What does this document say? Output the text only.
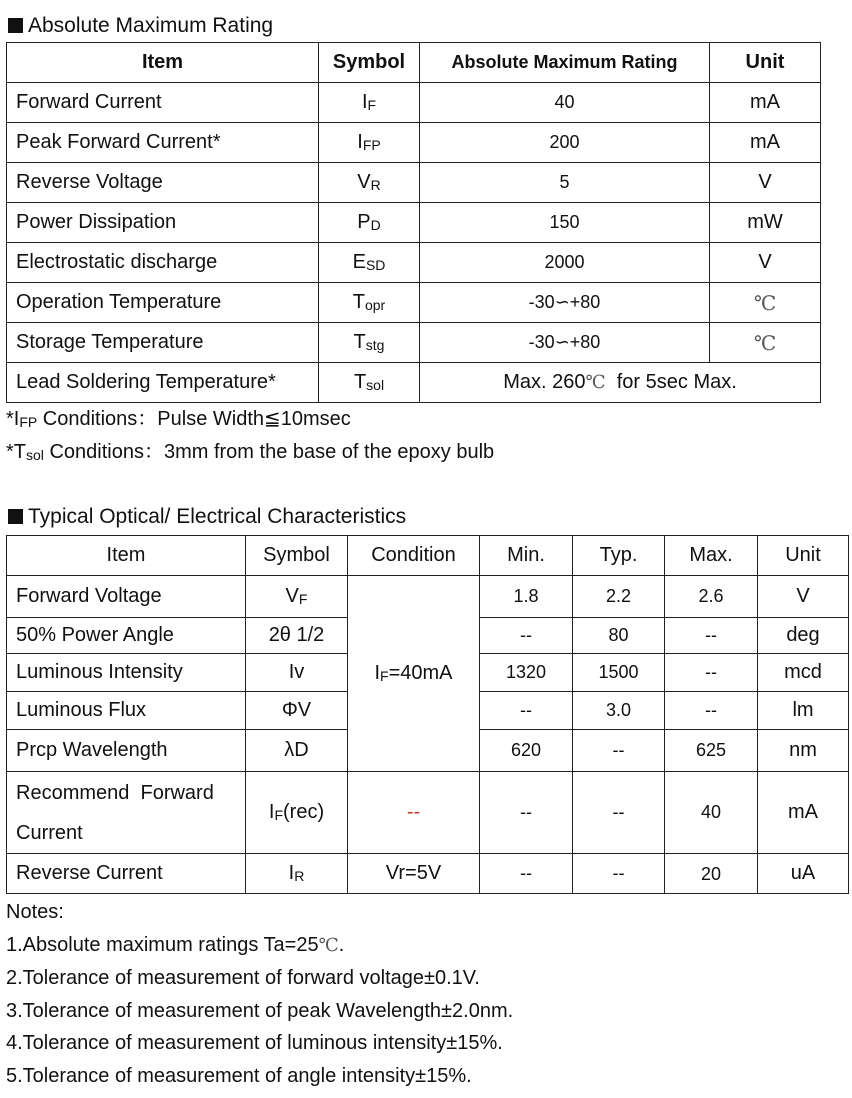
Absolute Maximum Rating
Item	Symbol	Absolute Maximum Rating	Unit
Forward Current	IF	40	mA
Peak Forward Current*	IFP	200	mA
Reverse Voltage	VR	5	V
Power Dissipation	PD	150	mW
Electrostatic discharge	ESD	2000	V
Operation Temperature	Topr	-30∽+80	℃
Storage Temperature	Tstg	-30∽+80	℃
Lead Soldering Temperature*	Tsol	Max. 260℃  for 5sec Max.	
*IFP Conditions：Pulse Width≦10msec
*Tsol Conditions：3mm from the base of the epoxy bulb
Typical Optical/ Electrical Characteristics
Item	Symbol	Condition	Min.	Typ.	Max.	Unit
Forward Voltage	VF	IF=40mA	1.8	2.2	2.6	V
50% Power Angle	2θ 1/2		--	80	--	deg
Luminous Intensity	Iv		1320	1500	--	mcd
Luminous Flux	ΦV		--	3.0	--	lm
Prcp Wavelength	λD		620	--	625	nm
Recommend  Forward
Current	IF(rec)	--	--	--	40	mA
Reverse Current	IR	Vr=5V	--	--	20	uA
Notes:
1.Absolute maximum ratings Ta=25℃.
2.Tolerance of measurement of forward voltage±0.1V.
3.Tolerance of measurement of peak Wavelength±2.0nm.
4.Tolerance of measurement of luminous intensity±15%.
5.Tolerance of measurement of angle intensity±15%.
